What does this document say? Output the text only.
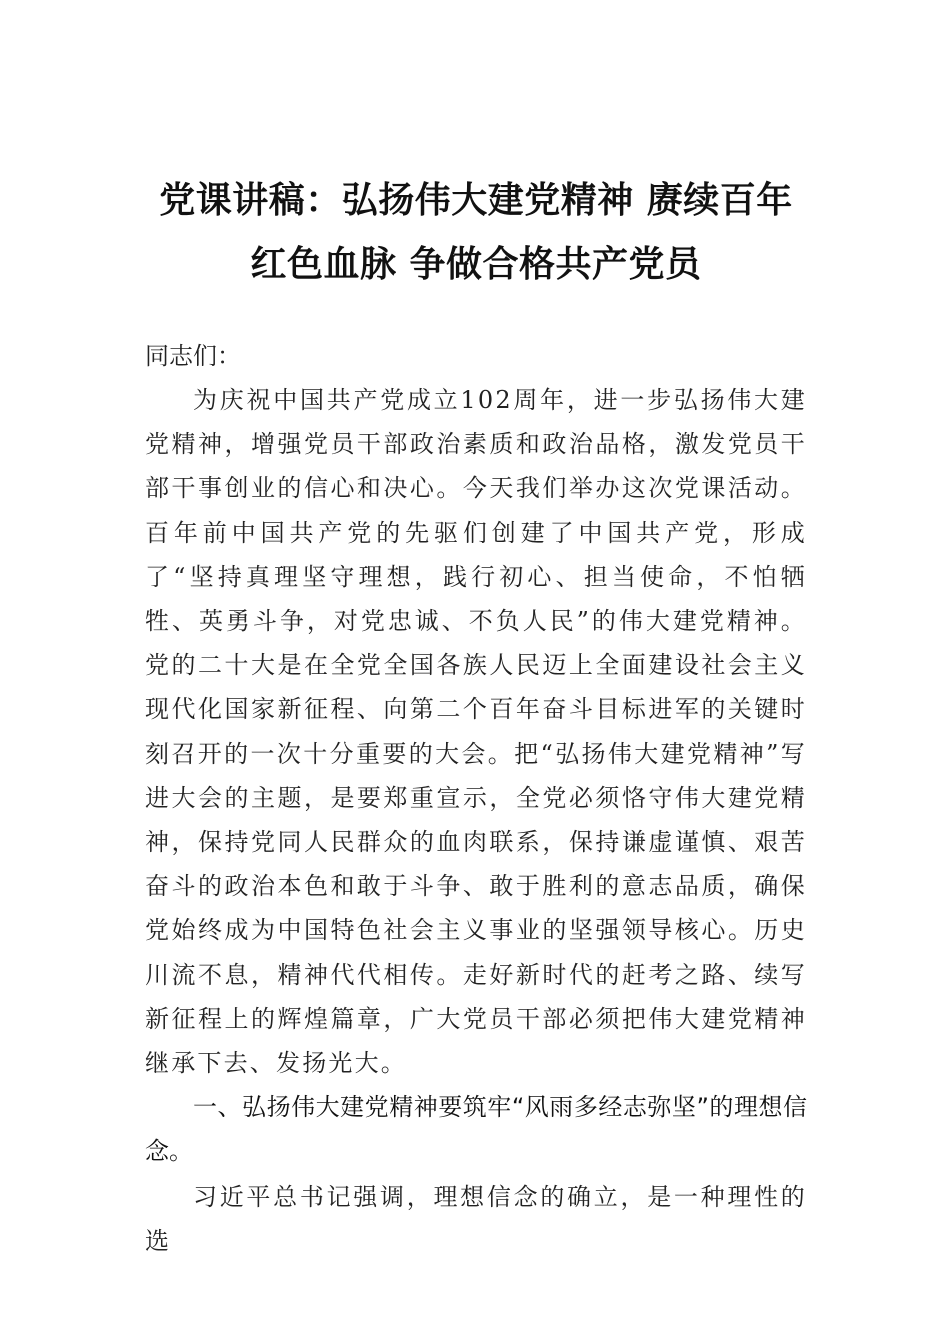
党课讲稿：弘扬伟大建党精神 赓续百年红色血脉 争做合格共产党员

同志们：

为庆祝中国共产党成立102周年，进一步弘扬伟大建党精神，增强党员干部政治素质和政治品格，激发党员干部干事创业的信心和决心。今天我们举办这次党课活动。百年前中国共产党的先驱们创建了中国共产党，形成了“坚持真理坚守理想，践行初心、担当使命，不怕牺牲、英勇斗争，对党忠诚、不负人民”的伟大建党精神。党的二十大是在全党全国各族人民迈上全面建设社会主义现代化国家新征程、向第二个百年奋斗目标进军的关键时刻召开的一次十分重要的大会。把“弘扬伟大建党精神”写进大会的主题，是要郑重宣示，全党必须恪守伟大建党精神，保持党同人民群众的血肉联系，保持谦虚谨慎、艰苦奋斗的政治本色和敢于斗争、敢于胜利的意志品质，确保党始终成为中国特色社会主义事业的坚强领导核心。历史川流不息，精神代代相传。走好新时代的赶考之路、续写新征程上的辉煌篇章，广大党员干部必须把伟大建党精神继承下去、发扬光大。

一、弘扬伟大建党精神要筑牢“风雨多经志弥坚”的理想信念。

习近平总书记强调，理想信念的确立，是一种理性的选
